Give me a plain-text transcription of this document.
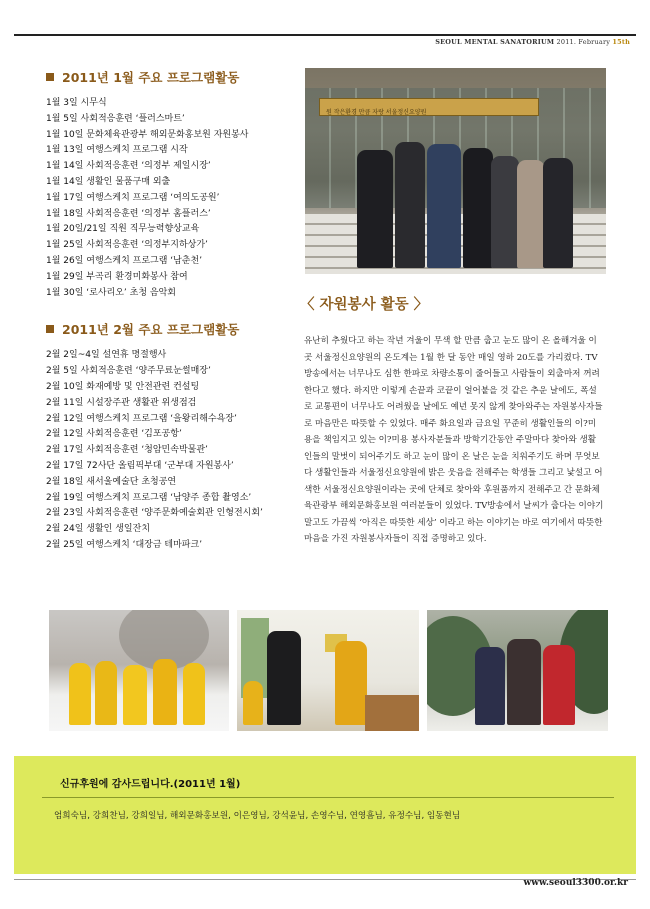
SEOUL MENTAL SANATORIUM 2011. February 15th
2011년 1월 주요 프로그램활동
1월 3일 시무식
1월 5일 사회적응훈련 ‘플러스마트’
1월 10일 문화체육관광부 해외문화홍보원 자원봉사
1월 13일 여행스케치 프로그램 시작
1월 14일 사회적응훈련 ‘의정부 제일시장’
1월 14일 생활인 물품구매 외출
1월 17일 여행스케치 프로그램 ‘여의도공원’
1월 18일 사회적응훈련 ‘의정부 홈플러스’
1월 20일/21일 직원 직무능력향상교육
1월 25일 사회적응훈련 ‘의정부지하상가’
1월 26일 여행스케치 프로그램 ‘남춘천’
1월 29일 부곡리 환경미화봉사 참여
1월 30일 ‘로사리오’ 초청 음악회
2011년 2월 주요 프로그램활동
2월 2일~4일 설연휴 명절행사
2월 5일 사회적응훈련 ‘양주무료눈썰매장’
2월 10일 화재예방 및 안전관련 컨설팅
2월 11일 시설장주관 생활관 위생점검
2월 12일 여행스케치 프로그램 ‘을왕리해수욕장’
2월 12일 사회적응훈련 ‘김포공항’
2월 17일 사회적응훈련 ‘청암민속박물관’
2월 17일 72사단 올림픽부대 ‘군부대 자원봉사’
2월 18일 새서울예술단 초청공연
2월 19일 여행스케치 프로그램 ‘남양주 종합 촬영소’
2월 23일 사회적응훈련 ‘양주문화예술회관 인형전시회’
2월 24일 생활인 생일잔치
2월 25일 여행스케치 ‘대장금 테마파크’
원 작은환경 만큼 자랑 서울정신요양원
〈 자원봉사 활동 〉
유난히 추웠다고 하는 작년 겨울이 무색 할 만큼 춥고 눈도 많이 온 올해겨울 이곳 서울정신요양원의 온도계는 1월 한 달 동안 매일 영하 20도를 가리켰다. TV방송에서는 너무나도 심한 한파로 차량소통이 줄어들고 사람들이 외출마저 꺼려한다고 했다. 하지만 이렇게 손끝과 코끝이 얼어붙을 것 같은 추운 날에도, 폭설로 교통편이 너무나도 어려웠을 날에도 예년 못지 않게 찾아와주는 자원봉사자들로 마음만은 따뜻할 수 있었다. 매주 화요일과 금요일 꾸준히 생활인들의 이?미용을 책임지고 있는 이?미용 봉사자분들과 방학기간동안 주말마다 찾아와 생활인들의 말벗이 되어주기도 하고 눈이 많이 온 날은 눈을 치워주기도 하며 무엇보다 생활인들과 서울정신요양원에 밝은 웃음을 전해주는 학생들 그리고 낯설고 어색한 서울정신요양원이라는 곳에 단체로 찾아와 후원품까지 전해주고 간 문화체육관광부 해외문화홍보원 여러분들이 있었다. TV방송에서 날씨가 춥다는 이야기 말고도 가끔씩 ‘아직은 따뜻한 세상’ 이라고 하는 이야기는 바로 여기에서 따뜻한 마음을 가진 자원봉사자들이 직접 증명하고 있다.
신규후원에 감사드립니다.(2011년 1월)
엄희숙님, 강희찬님, 강희일님, 해외문화홍보원, 이은영님, 강석윤님, 손영수님, 연영흠님, 유정수님, 임동현님
www.seoul3300.or.kr
